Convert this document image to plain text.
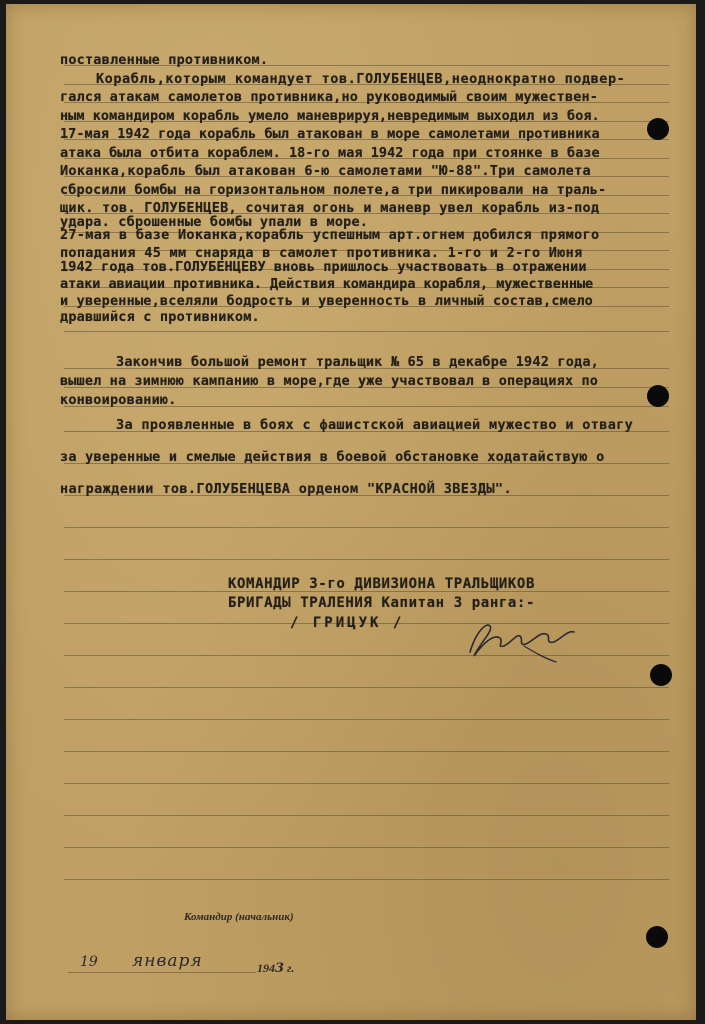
поставленные противником.
Корабль,которым командует тов.ГОЛУБЕНЦЕВ,неоднократно подвер-
гался атакам самолетов противника,но руководимый своим мужествен-
ным командиром корабль умело маневрируя,невредимым выходил из боя.
17-мая 1942 года корабль был атакован в море самолетами противника
атака была отбита кораблем. 18-го мая 1942 года при стоянке в базе
Иоканка,корабль был атакован 6-ю самолетами "Ю-88".Три самолета
сбросили бомбы на горизонтальном полете,а три пикировали на траль-
щик. тов. ГОЛУБЕНЦЕВ, сочитая огонь и маневр увел корабль из-под
удара. сброшенные бомбы упали в море.
27-мая в базе Иоканка,корабль успешным арт.огнем добился прямого
попадания 45 мм снаряда в самолет противника. 1-го и 2-го Июня
1942 года тов.ГОЛУБЕНЦЕВУ вновь пришлось участвовать в отражении
атаки авиации противника. Действия командира корабля, мужественные
и уверенные,вселяли бодрость и уверенность в личный состав,смело
дравшийся с противником.
Закончив большой ремонт тральщик № 65 в декабре 1942 года,
вышел на зимнюю кампанию в море,где уже участвовал в операциях по
конвоированию.
За проявленные в боях с фашистской авиацией мужество и отвагу
за уверенные и смелые действия в боевой обстановке ходатайствую о
награждении тов.ГОЛУБЕНЦЕВА орденом "КРАСНОЙ ЗВЕЗДЫ".
КОМАНДИР 3-го ДИВИЗИОНА ТРАЛЬЩИКОВ
БРИГАДЫ ТРАЛЕНИЯ Капитан 3 ранга:-
/ ГРИЦУК /
Командир (начальник)
19 января	1943 г.
